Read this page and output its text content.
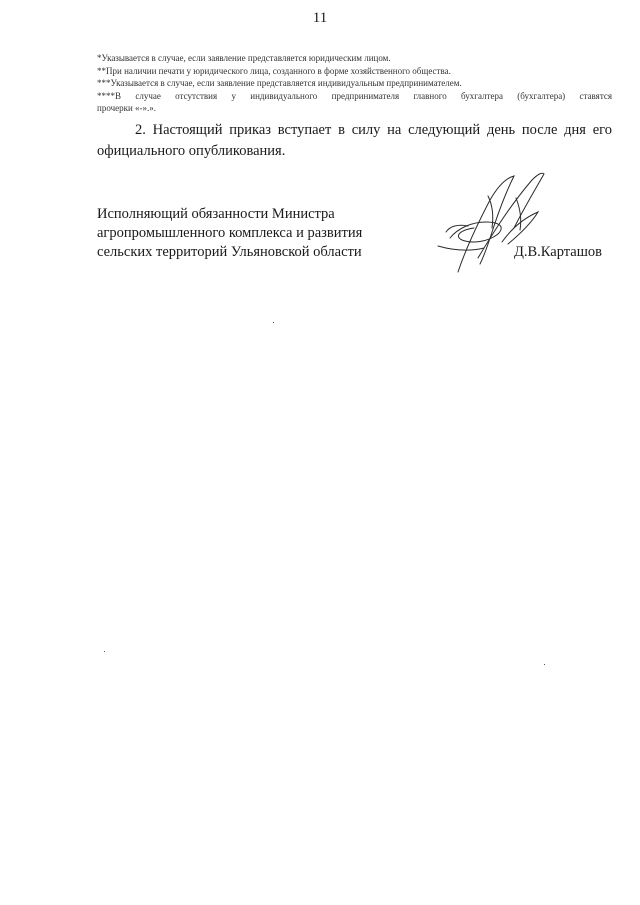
11
*Указывается в случае, если заявление представляется юридическим лицом.
**При наличии печати у юридического лица, созданного в форме хозяйственного общества.
***Указывается в случае, если заявление представляется индивидуальным предпринимателем.
****В случае отсутствия у индивидуального предпринимателя главного бухгалтера (бухгалтера) ставятся
прочерки «-».».
2. Настоящий приказ вступает в силу на следующий день после дня его официального опубликования.
Исполняющий обязанности Министра
агропромышленного комплекса и развития
сельских территорий Ульяновской области	Д.В.Карташов
